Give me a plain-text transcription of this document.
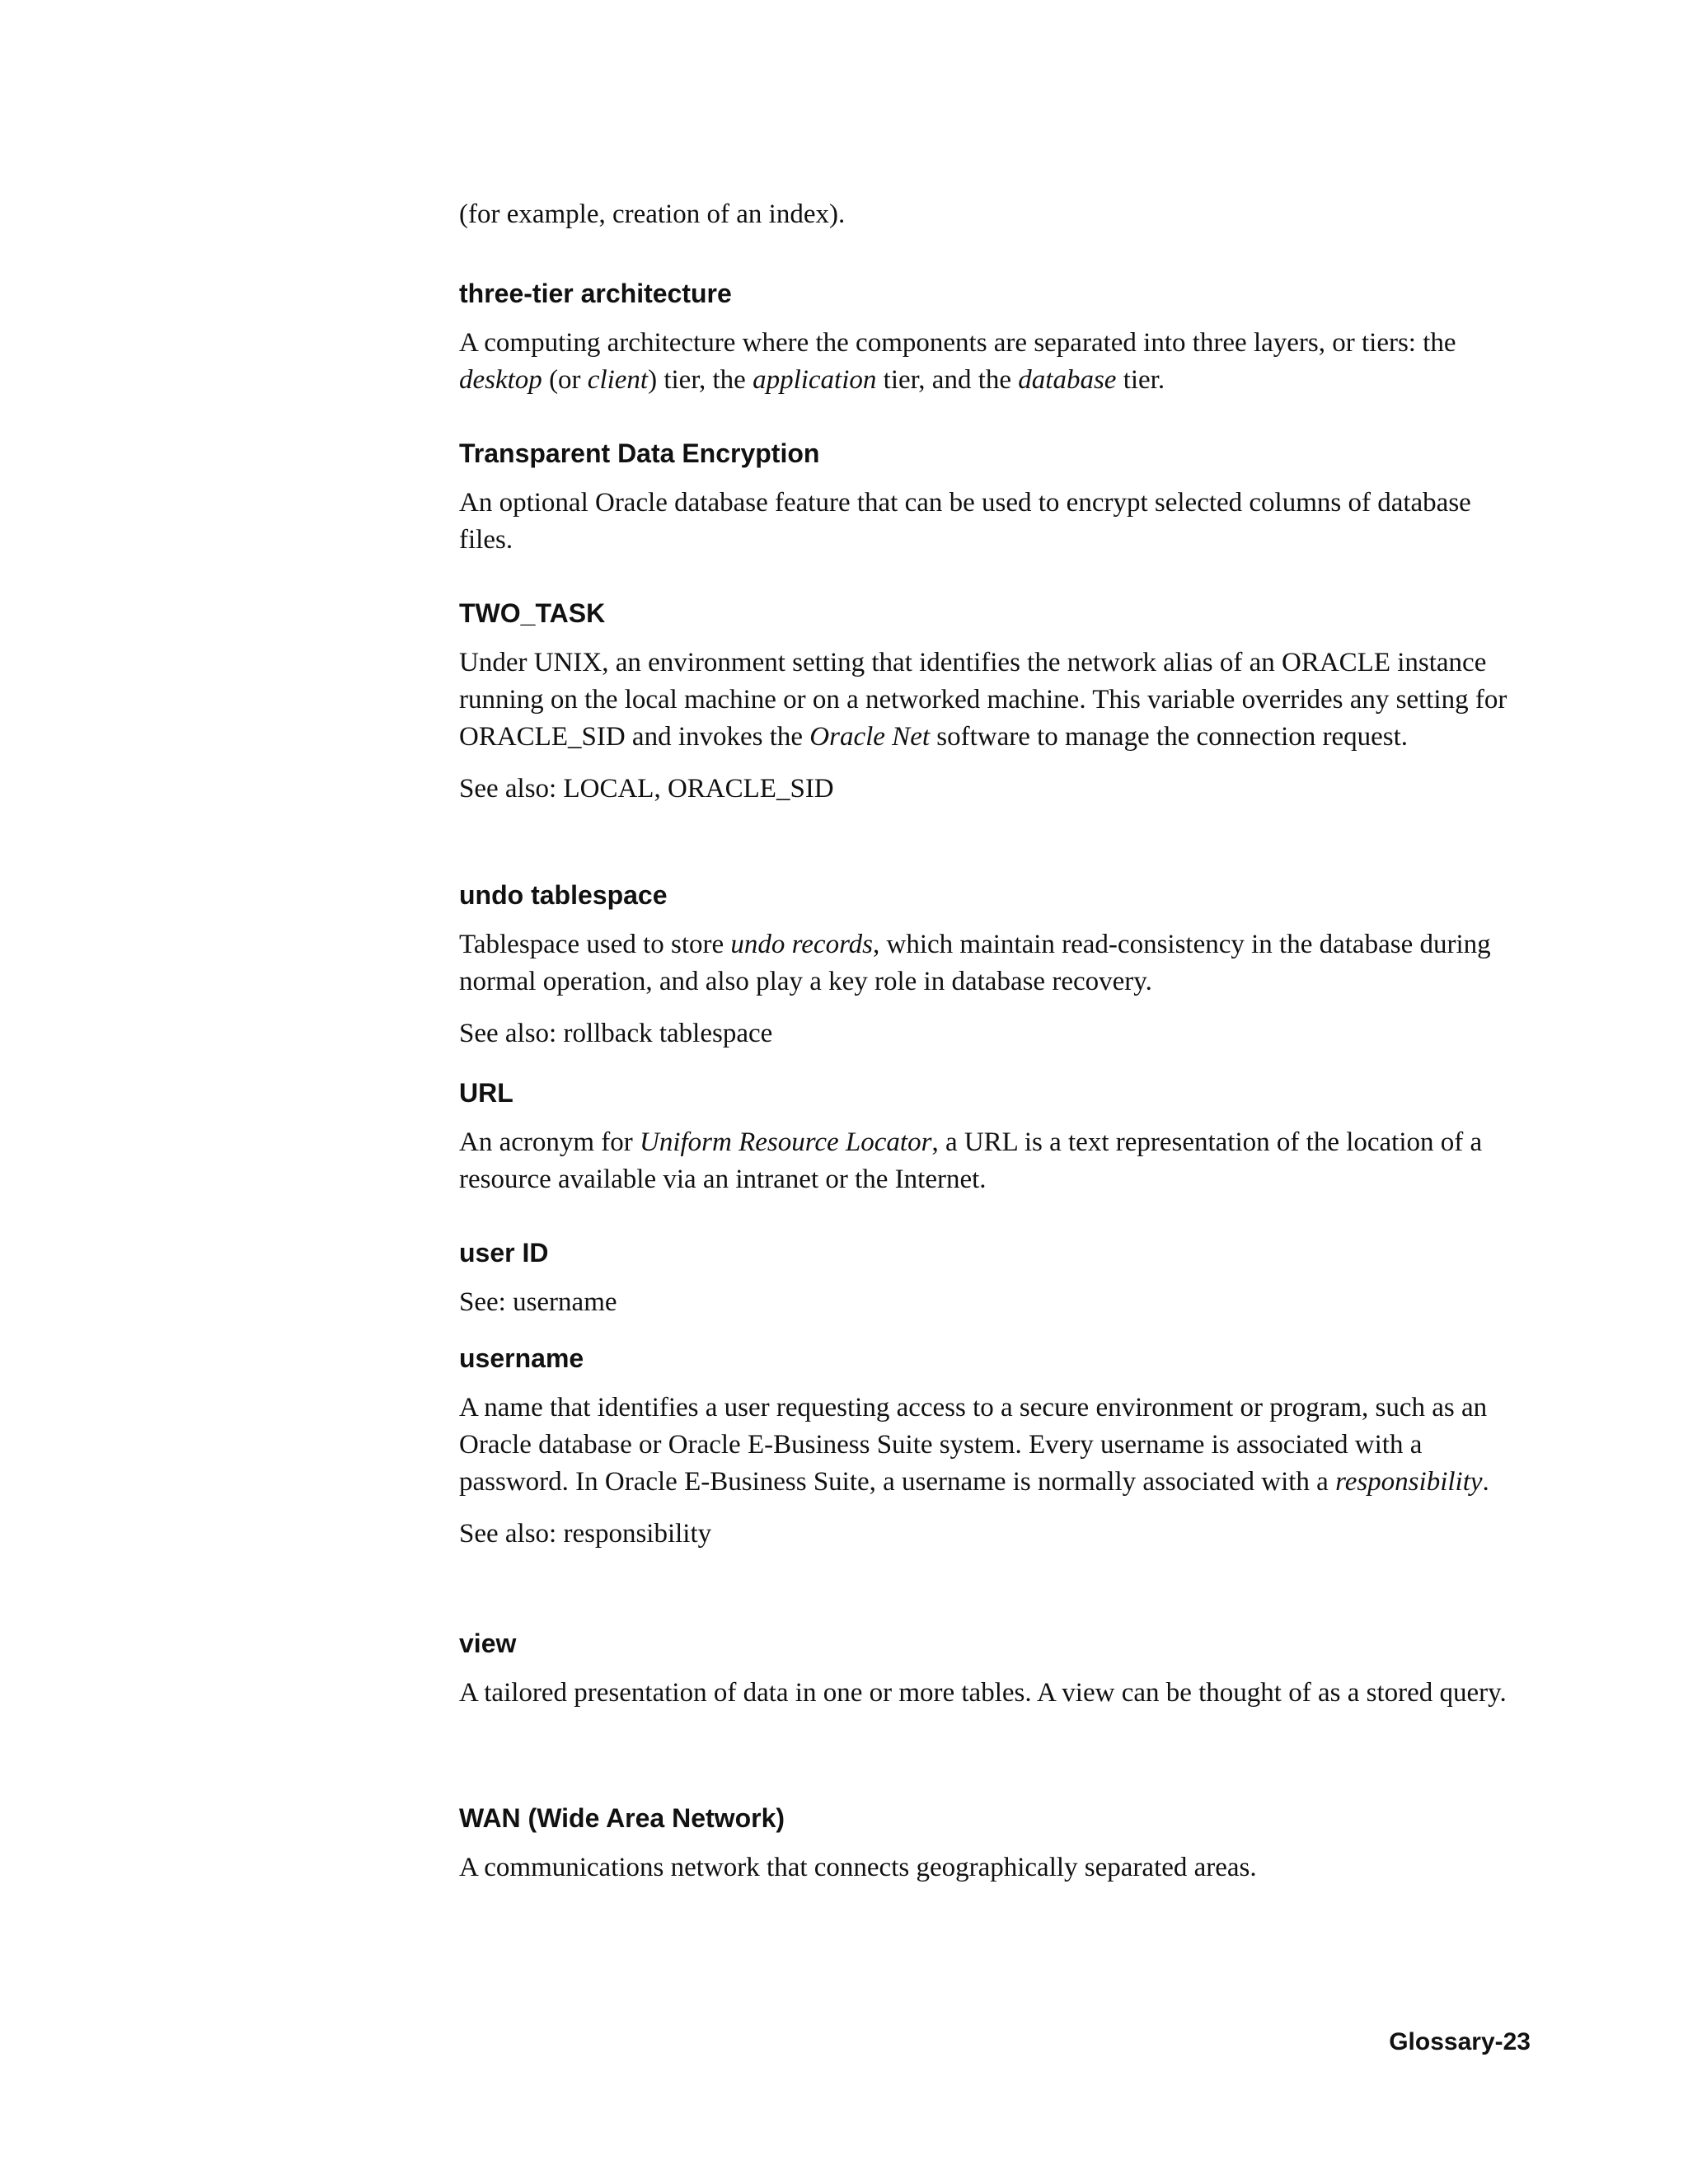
(for example, creation of an index).

three-tier architecture

A computing architecture where the components are separated into three layers, or tiers: the desktop (or client) tier, the application tier, and the database tier.

Transparent Data Encryption

An optional Oracle database feature that can be used to encrypt selected columns of database files.

TWO_TASK

Under UNIX, an environment setting that identifies the network alias of an ORACLE instance running on the local machine or on a networked machine. This variable overrides any setting for ORACLE_SID and invokes the Oracle Net software to manage the connection request.

See also: LOCAL, ORACLE_SID

undo tablespace

Tablespace used to store undo records, which maintain read-consistency in the database during normal operation, and also play a key role in database recovery.

See also: rollback tablespace

URL

An acronym for Uniform Resource Locator, a URL is a text representation of the location of a resource available via an intranet or the Internet.

user ID

See: username

username

A name that identifies a user requesting access to a secure environment or program, such as an Oracle database or Oracle E-Business Suite system. Every username is associated with a password. In Oracle E-Business Suite, a username is normally associated with a responsibility.

See also: responsibility

view

A tailored presentation of data in one or more tables. A view can be thought of as a stored query.

WAN (Wide Area Network)

A communications network that connects geographically separated areas.

Glossary-23
